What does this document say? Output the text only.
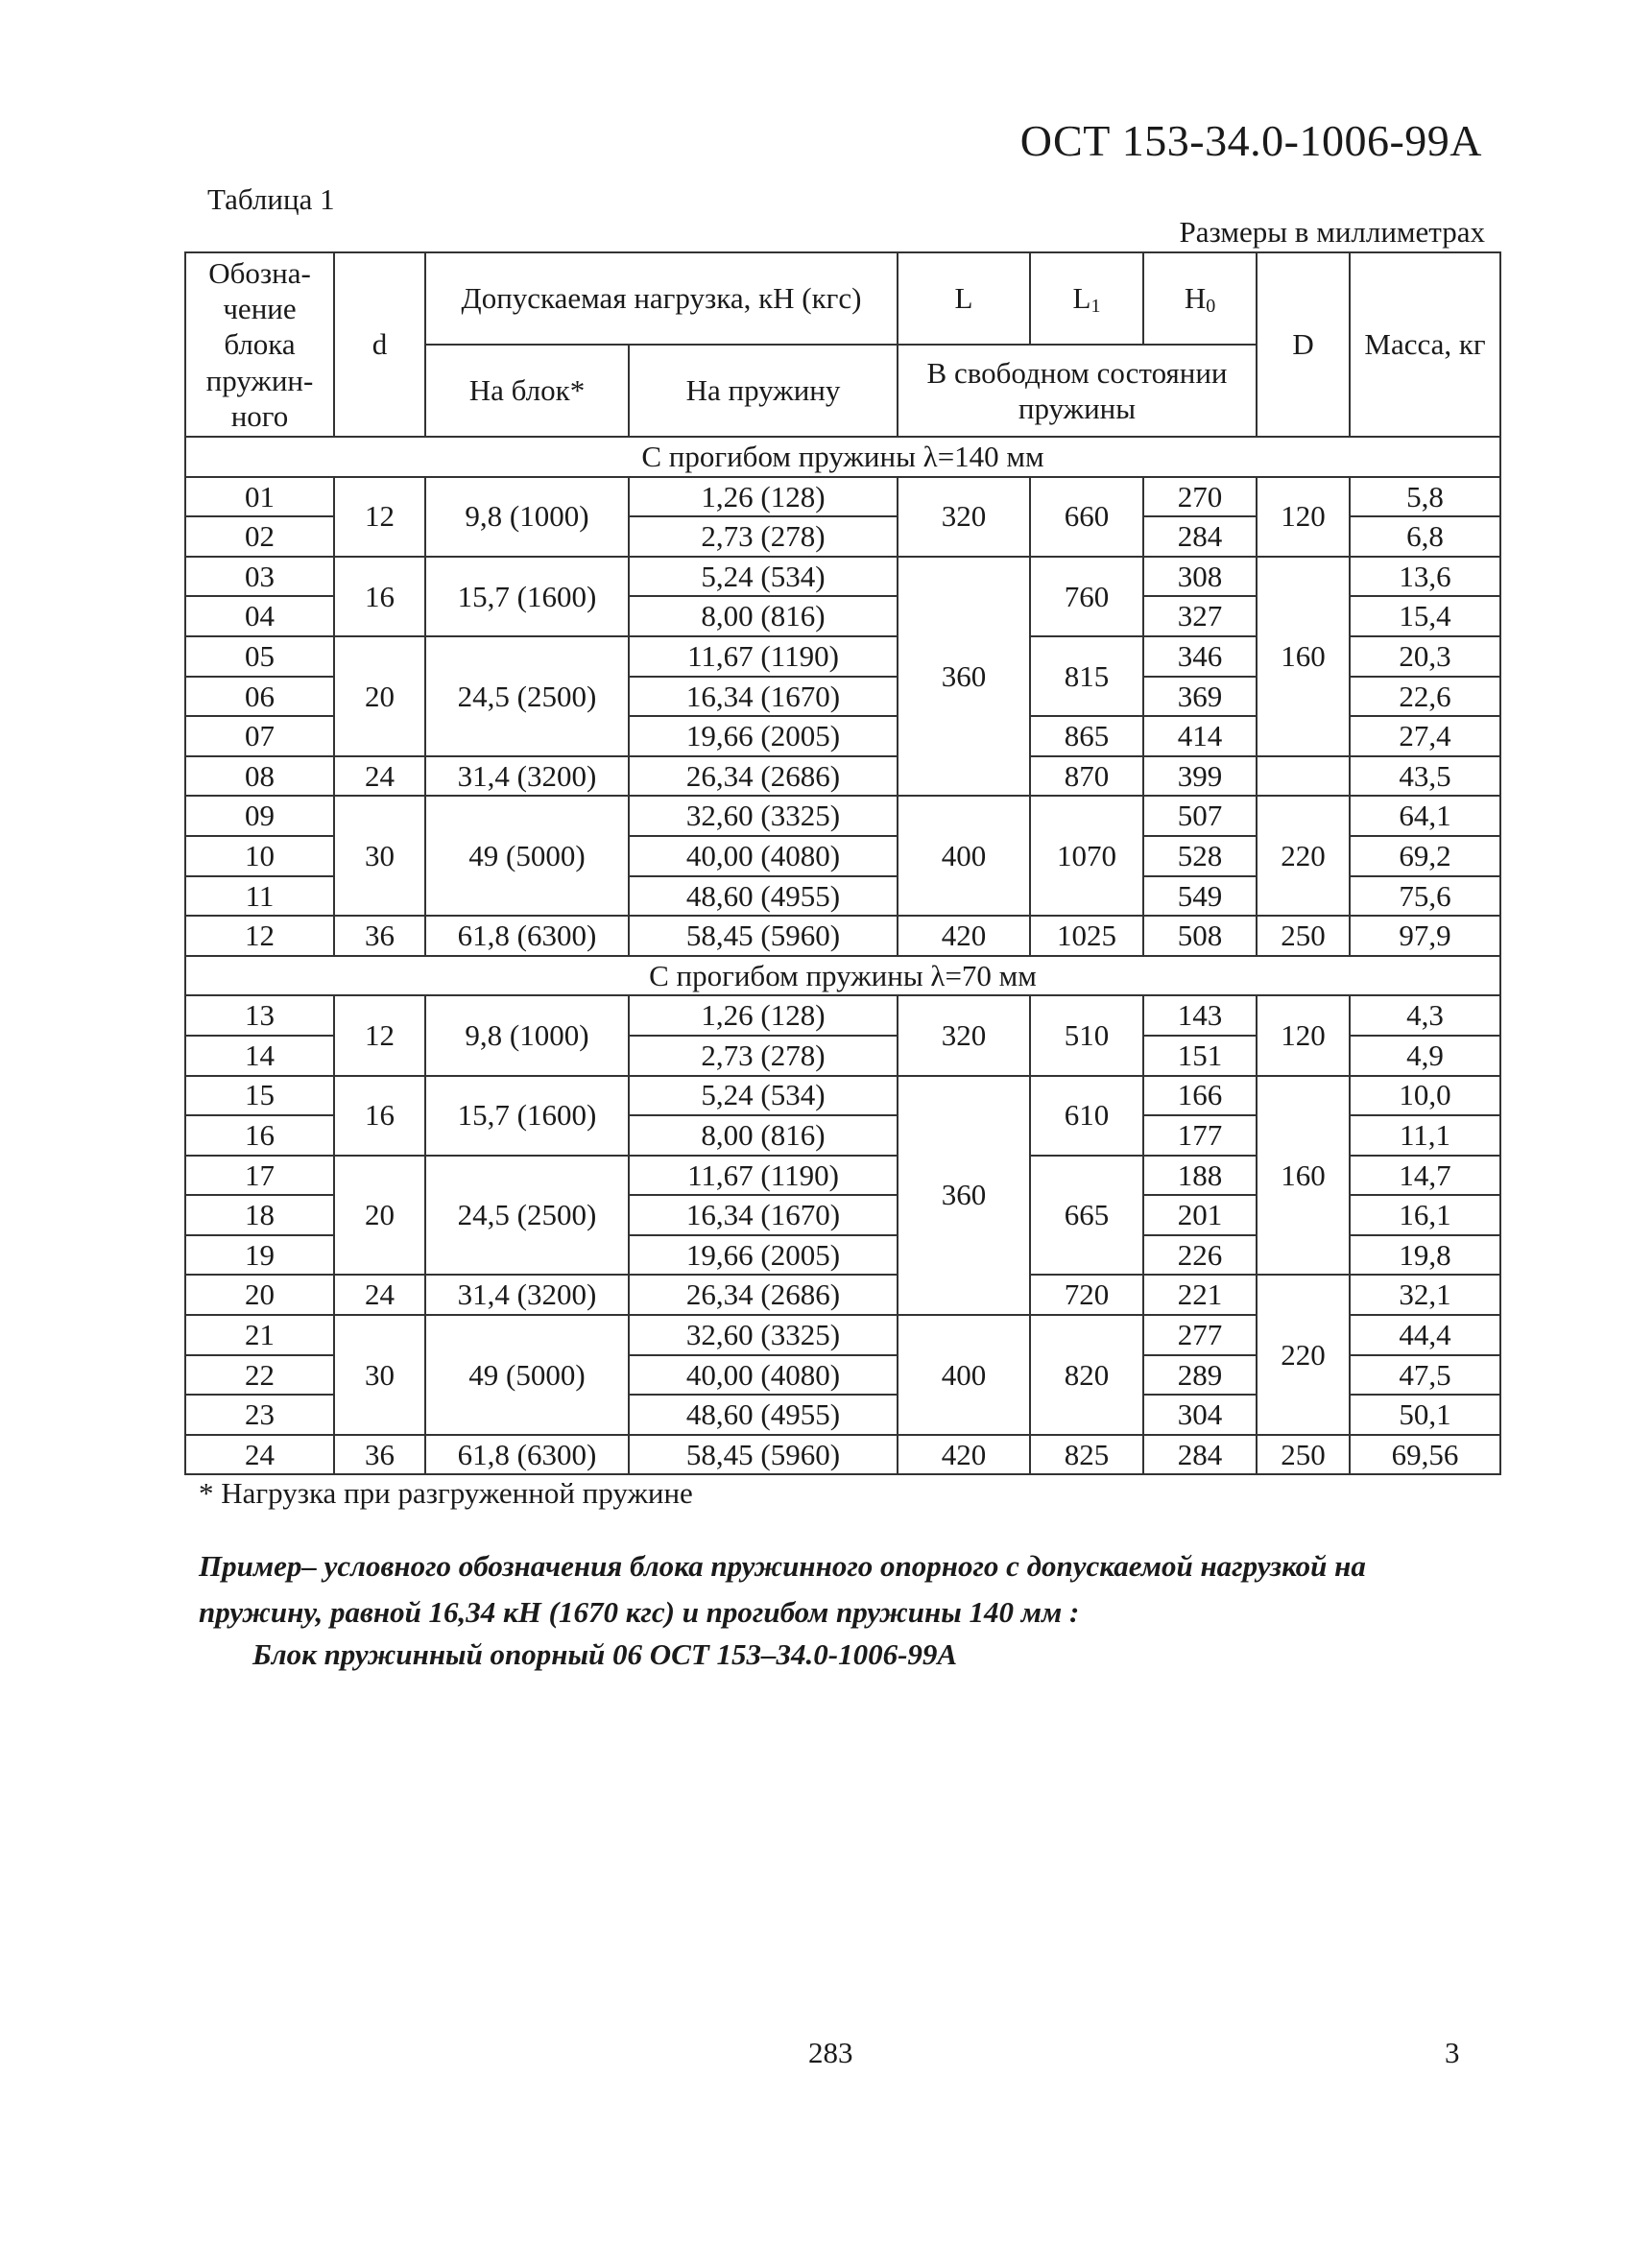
ОСТ 153-34.0-1006-99А
Таблица 1
Размеры в миллиметрах
Обозна-чение блока пружин-ного	d	Допускаемая нагрузка, кН (кгс)		L	$L_1$	$H_0$	D	Масса, кг
		На блок*	На пружину	В свободном состоянии пружины				
С прогибом пружины λ=140 мм								
01	12	9,8 (1000)	1,26 (128)	320	660	270	120	5,8
02			2,73 (278)			284		6,8
03	16	15,7 (1600)	5,24 (534)	360	760	308	160	13,6
04			8,00 (816)			327		15,4
05	20	24,5 (2500)	11,67 (1190)		815	346		20,3
06			16,34 (1670)			369		22,6
07			19,66 (2005)		865	414		27,4
08	24	31,4 (3200)	26,34 (2686)		870	399		43,5
09	30	49 (5000)	32,60 (3325)	400	1070	507	220	64,1
10			40,00 (4080)			528		69,2
11			48,60 (4955)			549		75,6
12	36	61,8 (6300)	58,45 (5960)	420	1025	508	250	97,9
С прогибом пружины λ=70 мм								
13	12	9,8 (1000)	1,26 (128)	320	510	143	120	4,3
14			2,73 (278)			151		4,9
15	16	15,7 (1600)	5,24 (534)	360	610	166	160	10,0
16			8,00 (816)			177		11,1
17	20	24,5 (2500)	11,67 (1190)		665	188		14,7
18			16,34 (1670)			201		16,1
19			19,66 (2005)			226		19,8
20	24	31,4 (3200)	26,34 (2686)		720	221	220	32,1
21	30	49 (5000)	32,60 (3325)	400	820	277		44,4
22			40,00 (4080)			289		47,5
23			48,60 (4955)			304		50,1
24	36	61,8 (6300)	58,45 (5960)	420	825	284	250	69,56
* Нагрузка при разгруженной пружине
Пример– условного обозначения блока пружинного опорного с допускаемой нагрузкой на пружину, равной 16,34 кН (1670 кгс) и прогибом пружины 140 мм :
Блок пружинный опорный 06 ОСТ 153–34.0-1006-99А
283	3
